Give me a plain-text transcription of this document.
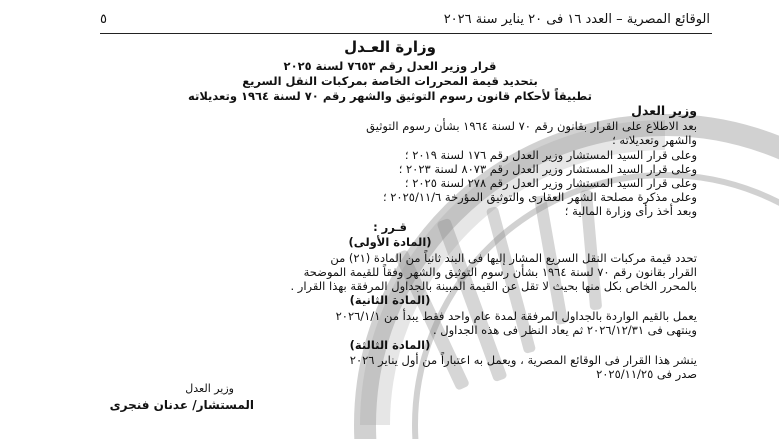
الوقائع المصرية – العدد ١٦ فى ٢٠ يناير سنة ٢٠٢٦
٥
وزارة العـدل
قرار وزير العدل رقم ٧٦٥٣ لسنة ٢٠٢٥
بتحديد قيمة المحررات الخاصة بمركبات النقل السريع
تطبيقاً لأحكام قانون رسوم التوثيق والشهر رقم ٧٠ لسنة ١٩٦٤ وتعديلاته
وزير العدل
بعد الاطلاع على القرار بقانون رقم ٧٠ لسنة ١٩٦٤ بشأن رسوم التوثيق
والشهر وتعديلاته ؛
وعلى قرار السيد المستشار وزير العدل رقم ١٧٦ لسنة ٢٠١٩ ؛
وعلى قرار السيد المستشار وزير العدل رقم ٨٠٧٣ لسنة ٢٠٢٣ ؛
وعلى قرار السيد المستشار وزير العدل رقم ٢٧٨ لسنة ٢٠٢٥ ؛
وعلى مذكرة مصلحة الشهر العقارى والتوثيق المؤرخة ٢٠٢٥/١١/٦ ؛
وبعد أخذ رأى وزارة المالية ؛
قـرر :
(المادة الأولى)
تحدد قيمة مركبات النقل السريع المشار إليها فى البند ثانياً من المادة (٢١) من
القرار بقانون رقم ٧٠ لسنة ١٩٦٤ بشأن رسوم التوثيق والشهر وفقاً للقيمة الموضحة
بالمحرر الخاص بكل منها بحيث لا تقل عن القيمة المبينة بالجداول المرفقة بهذا القرار .
(المادة الثانية)
يعمل بالقيم الواردة بالجداول المرفقة لمدة عام واحد فقط يبدأ من ٢٠٢٦/١/١
وينتهى فى ٢٠٢٦/١٢/٣١ ثم يعاد النظر فى هذه الجداول .
(المادة الثالثة)
ينشر هذا القرار فى الوقائع المصرية ، ويعمل به اعتباراً من أول يناير ٢٠٢٦
صدر فى ٢٠٢٥/١١/٢٥
وزير العدل
المستشار/ عدنان فنجرى
